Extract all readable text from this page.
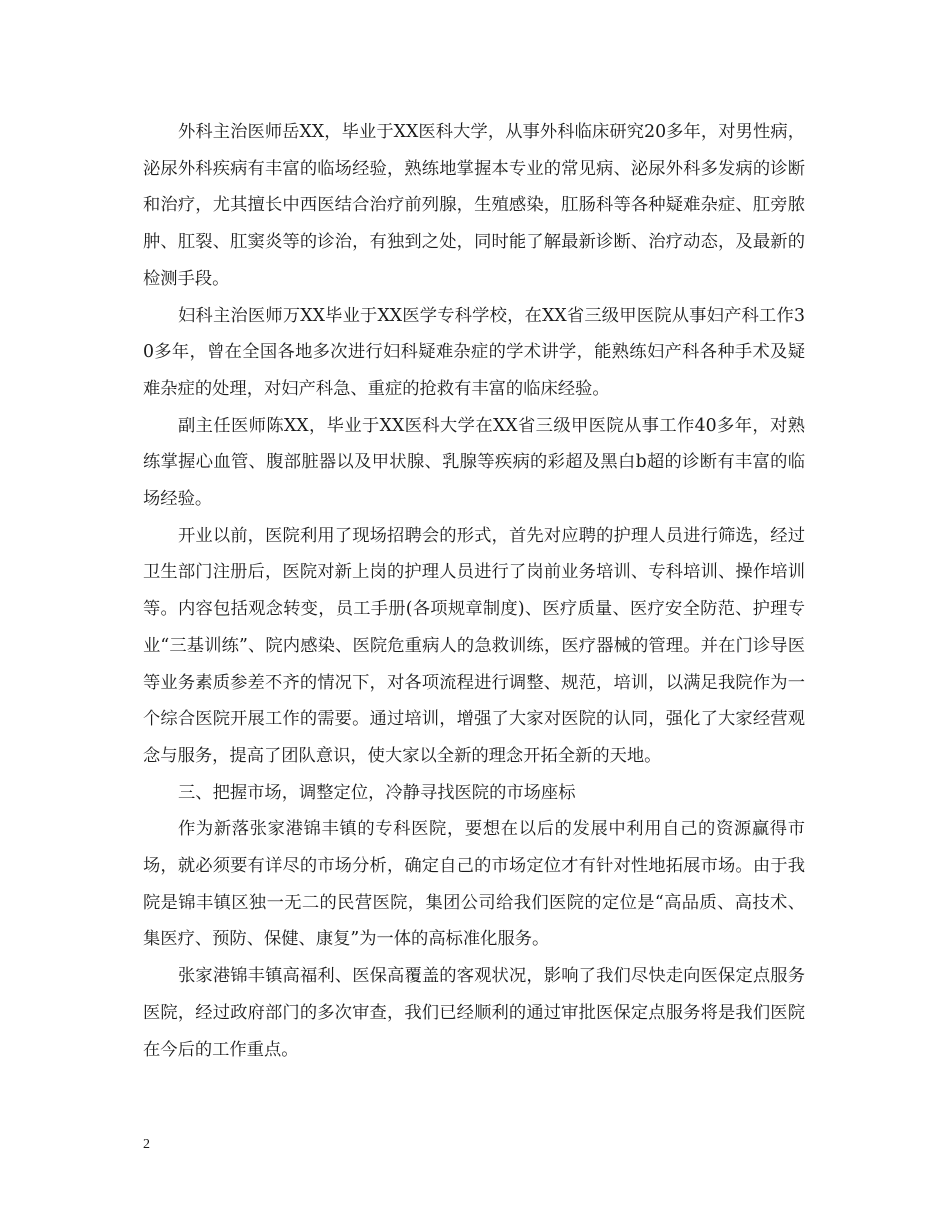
外科主治医师岳XX，毕业于XX医科大学，从事外科临床研究20多年，对男性病，泌尿外科疾病有丰富的临场经验，熟练地掌握本专业的常见病、泌尿外科多发病的诊断和治疗，尤其擅长中西医结合治疗前列腺，生殖感染，肛肠科等各种疑难杂症、肛旁脓肿、肛裂、肛窦炎等的诊治，有独到之处，同时能了解最新诊断、治疗动态，及最新的检测手段。

妇科主治医师万XX毕业于XX医学专科学校，在XX省三级甲医院从事妇产科工作30多年，曾在全国各地多次进行妇科疑难杂症的学术讲学，能熟练妇产科各种手术及疑难杂症的处理，对妇产科急、重症的抢救有丰富的临床经验。

副主任医师陈XX，毕业于XX医科大学在XX省三级甲医院从事工作40多年，对熟练掌握心血管、腹部脏器以及甲状腺、乳腺等疾病的彩超及黑白b超的诊断有丰富的临场经验。

开业以前，医院利用了现场招聘会的形式，首先对应聘的护理人员进行筛选，经过卫生部门注册后，医院对新上岗的护理人员进行了岗前业务培训、专科培训、操作培训等。内容包括观念转变，员工手册(各项规章制度)、医疗质量、医疗安全防范、护理专业“三基训练”、院内感染、医院危重病人的急救训练，医疗器械的管理。并在门诊导医等业务素质参差不齐的情况下，对各项流程进行调整、规范，培训，以满足我院作为一个综合医院开展工作的需要。通过培训，增强了大家对医院的认同，强化了大家经营观念与服务，提高了团队意识，使大家以全新的理念开拓全新的天地。

三、把握市场，调整定位，冷静寻找医院的市场座标

作为新落张家港锦丰镇的专科医院，要想在以后的发展中利用自己的资源赢得市场，就必须要有详尽的市场分析，确定自己的市场定位才有针对性地拓展市场。由于我院是锦丰镇区独一无二的民营医院，集团公司给我们医院的定位是“高品质、高技术、集医疗、预防、保健、康复”为一体的高标准化服务。

张家港锦丰镇高福利、医保高覆盖的客观状况，影响了我们尽快走向医保定点服务医院，经过政府部门的多次审查，我们已经顺利的通过审批医保定点服务将是我们医院在今后的工作重点。

2
